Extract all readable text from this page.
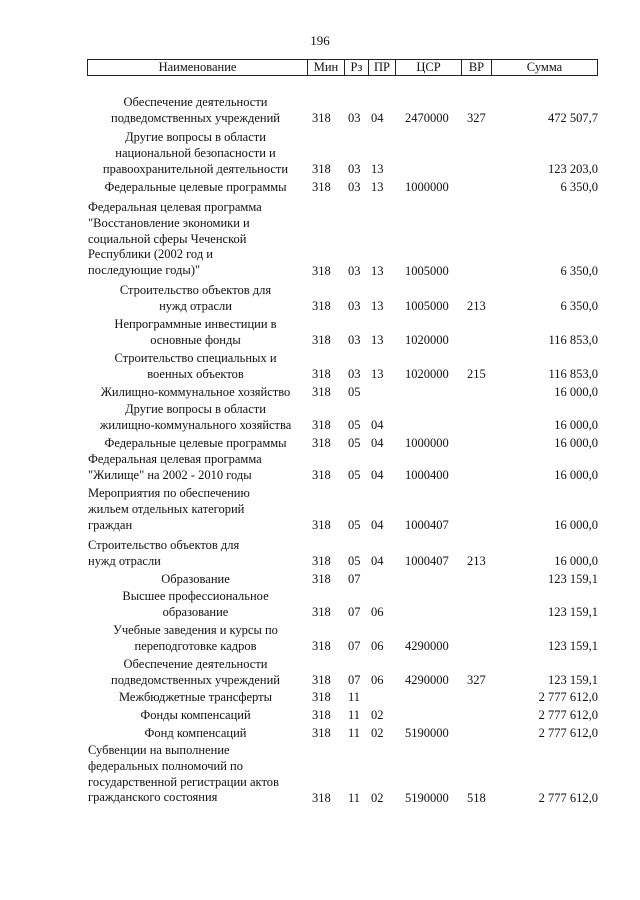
196
Наименование	Мин Рз ПР	ЦСР	ВР	Сумма
Обеспечение деятельности
подведомственных учреждений	318 03 04 2470000 327	472 507,7
Другие вопросы в области
национальной безопасности и
правоохранительной деятельности	318 03 13	123 203,0
Федеральные целевые программы	318 03 13 1000000	6 350,0
Федеральная целевая программа
"Восстановление экономики и
социальной сферы Чеченской
Республики (2002 год и
последующие годы)"	318 03 13 1005000	6 350,0
Строительство объектов для
нужд отрасли	318 03 13 1005000 213	6 350,0
Непрограммные инвестиции в
основные фонды	318 03 13 1020000	116 853,0
Строительство специальных и
военных объектов	318 03 13 1020000 215	116 853,0
Жилищно-коммунальное хозяйство	318 05	16 000,0
Другие вопросы в области
жилищно-коммунального хозяйства	318 05 04	16 000,0
Федеральные целевые программы	318 05 04 1000000	16 000,0
Федеральная целевая программа
"Жилище" на 2002 - 2010 годы	318 05 04 1000400	16 000,0
Мероприятия по обеспечению
жильем отдельных категорий
граждан	318 05 04 1000407	16 000,0
Строительство объектов для
нужд отрасли	318 05 04 1000407 213	16 000,0
Образование	318 07	123 159,1
Высшее профессиональное
образование	318 07 06	123 159,1
Учебные заведения и курсы по
переподготовке кадров	318 07 06 4290000	123 159,1
Обеспечение деятельности
подведомственных учреждений	318 07 06 4290000 327	123 159,1
Межбюджетные трансферты	318 11	2 777 612,0
Фонды компенсаций	318 11 02	2 777 612,0
Фонд компенсаций	318 11 02 5190000	2 777 612,0
Субвенции на выполнение
федеральных полномочий по
государственной регистрации актов
гражданского состояния	318 11 02 5190000 518	2 777 612,0
